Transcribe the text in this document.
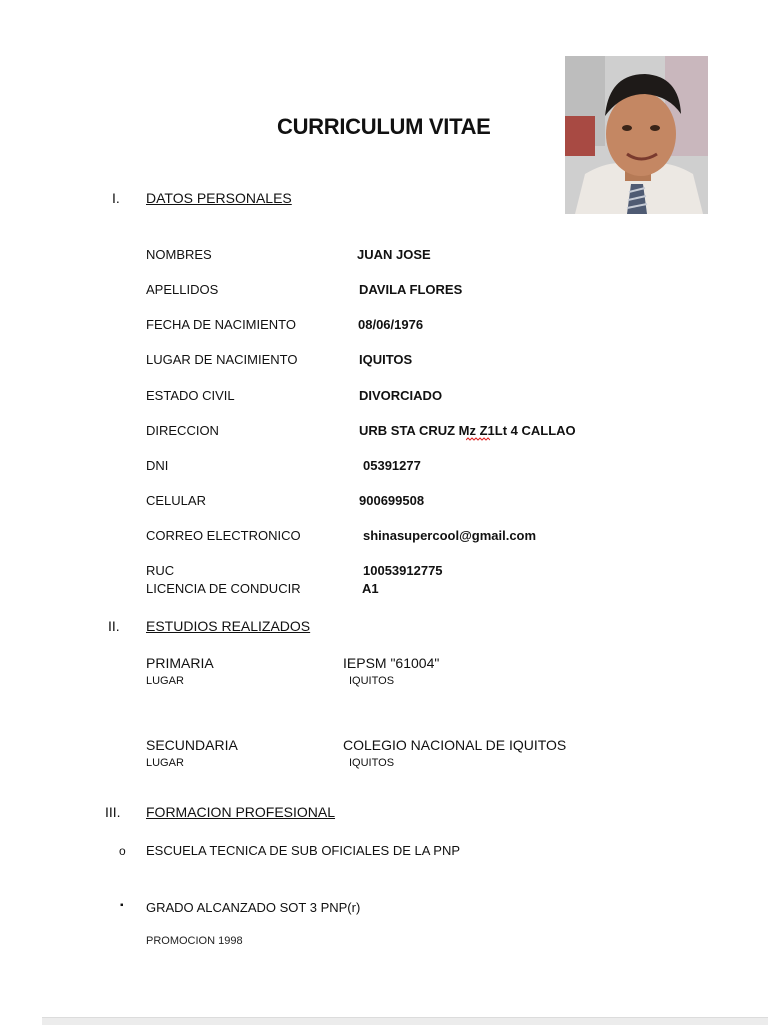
CURRICULUM VITAE
I. DATOS PERSONALES
NOMBRES	JUAN JOSE
APELLIDOS	DAVILA FLORES
FECHA DE NACIMIENTO	08/06/1976
LUGAR DE NACIMIENTO	IQUITOS
ESTADO CIVIL	DIVORCIADO
DIRECCION	URB STA CRUZ Mz Z1Lt 4 CALLAO
DNI	05391277
CELULAR	900699508
CORREO ELECTRONICO	shinasupercool@gmail.com
RUC	10053912775
LICENCIA DE CONDUCIR	A1
II. ESTUDIOS REALIZADOS
PRIMARIA	IEPSM "61004"
LUGAR	IQUITOS
SECUNDARIA	COLEGIO NACIONAL DE IQUITOS
LUGAR	IQUITOS
III. FORMACION PROFESIONAL
o ESCUELA TECNICA DE SUB OFICIALES DE LA PNP
▪ GRADO ALCANZADO SOT 3 PNP(r)
PROMOCION 1998
